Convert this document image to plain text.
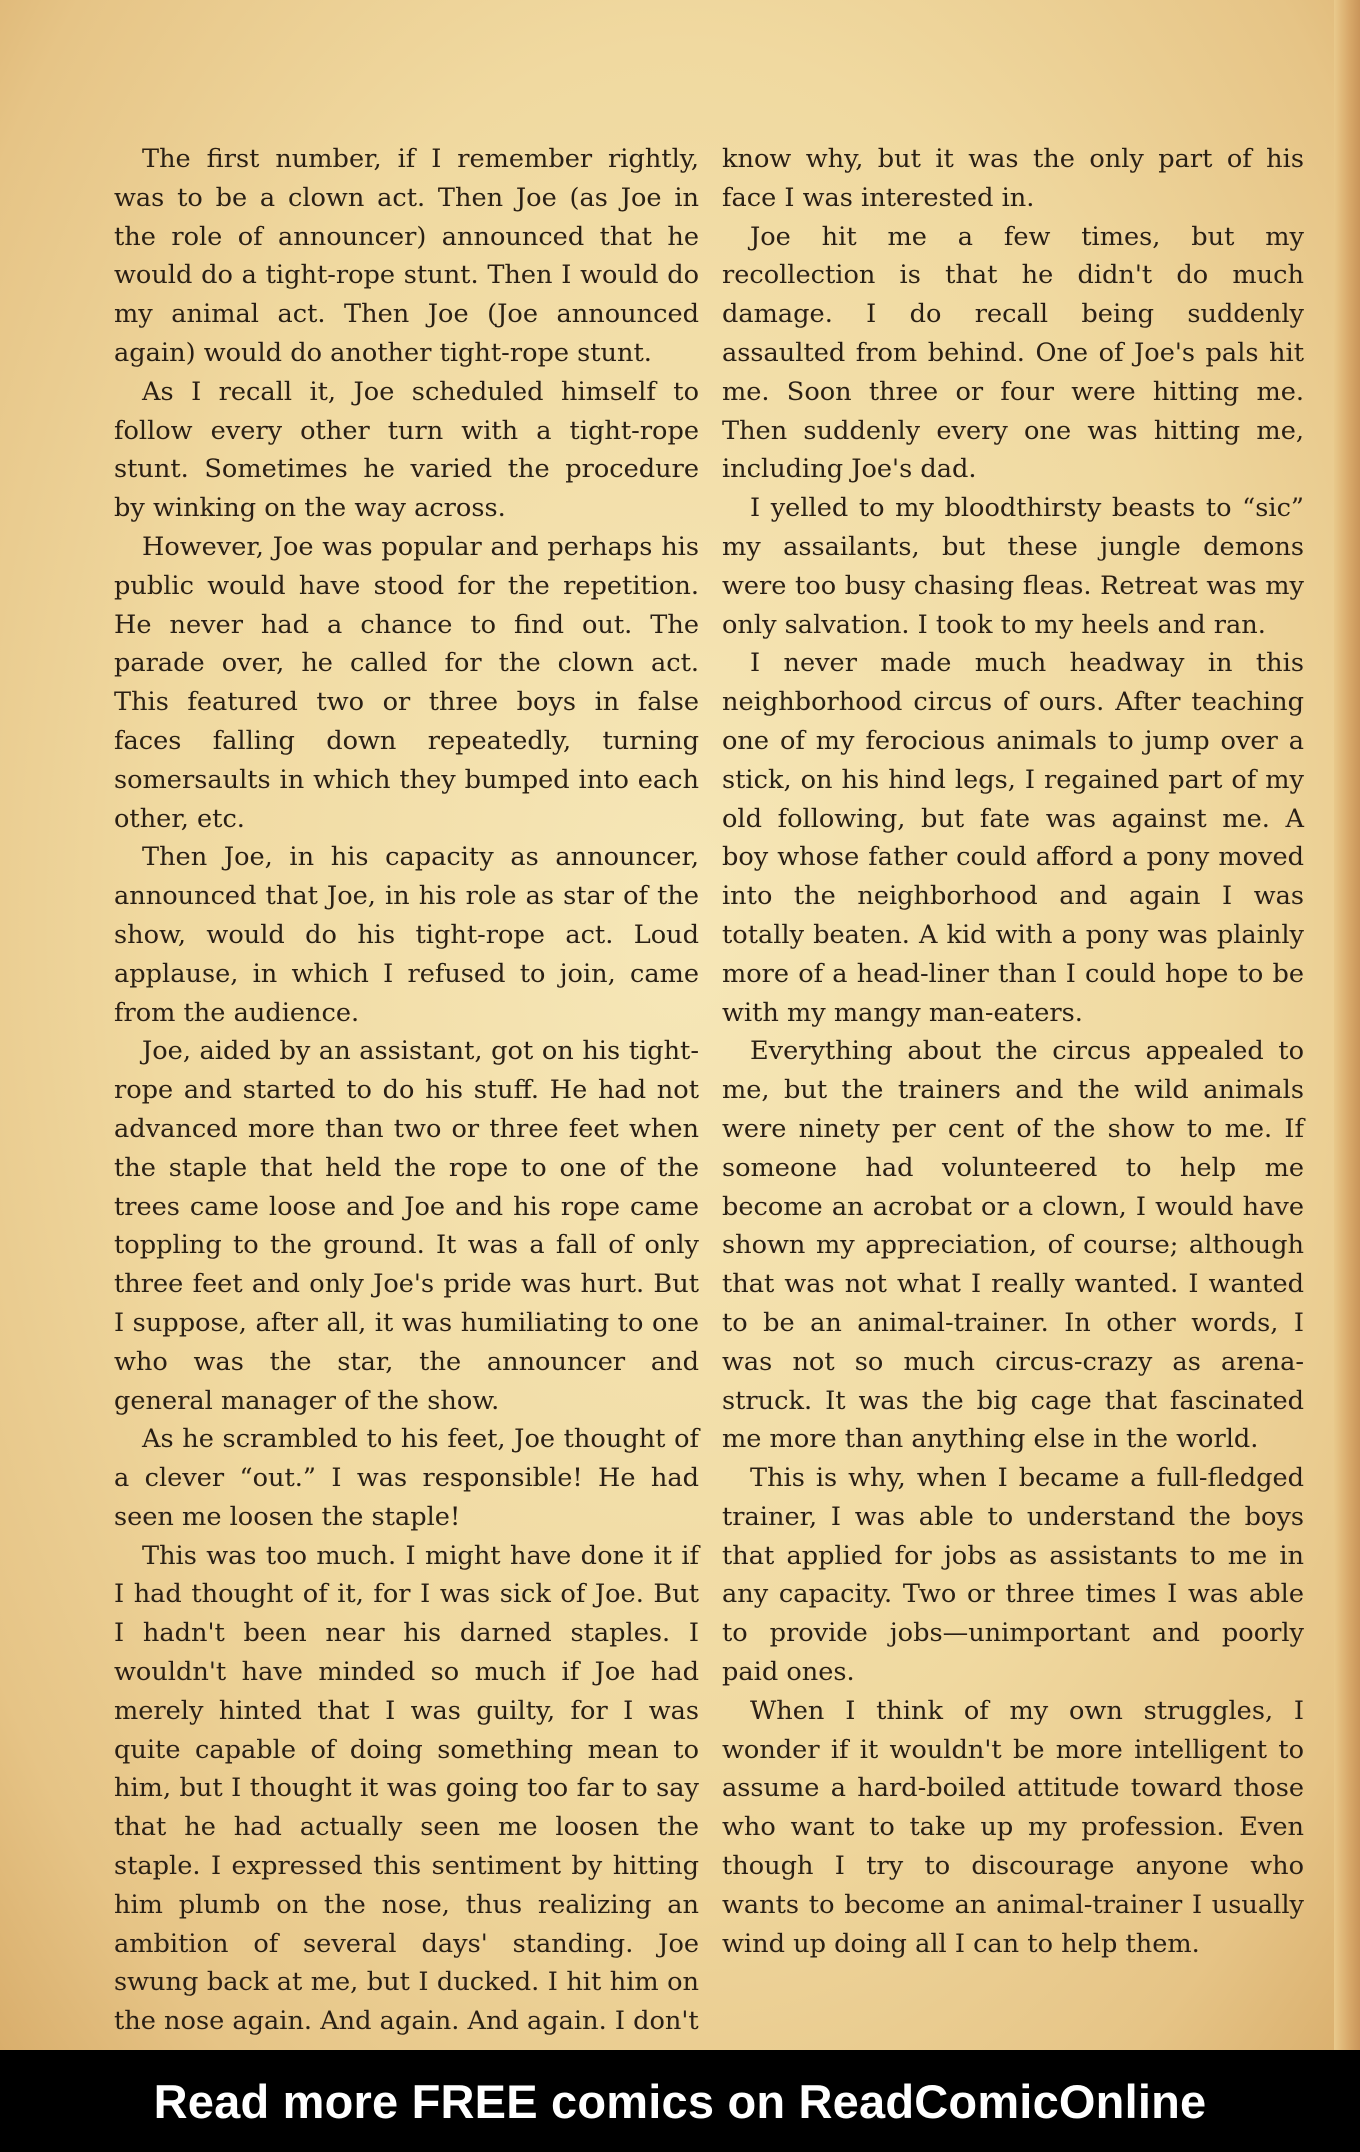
The first number, if I remember rightly, was to be a clown act. Then Joe (as Joe in the role of announcer) announced that he would do a tight-rope stunt. Then I would do my animal act. Then Joe (Joe announced again) would do another tight-rope stunt.

As I recall it, Joe scheduled himself to follow every other turn with a tight-rope stunt. Sometimes he varied the procedure by winking on the way across.

However, Joe was popular and perhaps his public would have stood for the repetition. He never had a chance to find out. The parade over, he called for the clown act. This featured two or three boys in false faces falling down repeatedly, turning somersaults in which they bumped into each other, etc.

Then Joe, in his capacity as announcer, announced that Joe, in his role as star of the show, would do his tight-rope act. Loud applause, in which I refused to join, came from the audience.

Joe, aided by an assistant, got on his tight-rope and started to do his stuff. He had not advanced more than two or three feet when the staple that held the rope to one of the trees came loose and Joe and his rope came toppling to the ground. It was a fall of only three feet and only Joe's pride was hurt. But I suppose, after all, it was humiliating to one who was the star, the announcer and general manager of the show.

As he scrambled to his feet, Joe thought of a clever “out.” I was responsible! He had seen me loosen the staple!

This was too much. I might have done it if I had thought of it, for I was sick of Joe. But I hadn't been near his darned staples. I wouldn't have minded so much if Joe had merely hinted that I was guilty, for I was quite capable of doing something mean to him, but I thought it was going too far to say that he had actually seen me loosen the staple. I expressed this sentiment by hitting him plumb on the nose, thus realizing an ambition of several days' standing. Joe swung back at me, but I ducked. I hit him on the nose again. And again. And again. I don't

know why, but it was the only part of his face I was interested in.

Joe hit me a few times, but my recollection is that he didn't do much damage. I do recall being suddenly assaulted from behind. One of Joe's pals hit me. Soon three or four were hitting me. Then suddenly every one was hitting me, including Joe's dad.

I yelled to my bloodthirsty beasts to “sic” my assailants, but these jungle demons were too busy chasing fleas. Retreat was my only salvation. I took to my heels and ran.

I never made much headway in this neighborhood circus of ours. After teaching one of my ferocious animals to jump over a stick, on his hind legs, I regained part of my old following, but fate was against me. A boy whose father could afford a pony moved into the neighborhood and again I was totally beaten. A kid with a pony was plainly more of a head-liner than I could hope to be with my mangy man-eaters.

Everything about the circus appealed to me, but the trainers and the wild animals were ninety per cent of the show to me. If someone had volunteered to help me become an acrobat or a clown, I would have shown my appreciation, of course; although that was not what I really wanted. I wanted to be an animal-trainer. In other words, I was not so much circus-crazy as arena-struck. It was the big cage that fascinated me more than anything else in the world.

This is why, when I became a full-fledged trainer, I was able to understand the boys that applied for jobs as assistants to me in any capacity. Two or three times I was able to provide jobs—unimportant and poorly paid ones.

When I think of my own struggles, I wonder if it wouldn't be more intelligent to assume a hard-boiled attitude toward those who want to take up my profession. Even though I try to discourage anyone who wants to become an animal-trainer I usually wind up doing all I can to help them.

Read more FREE comics on ReadComicOnline
